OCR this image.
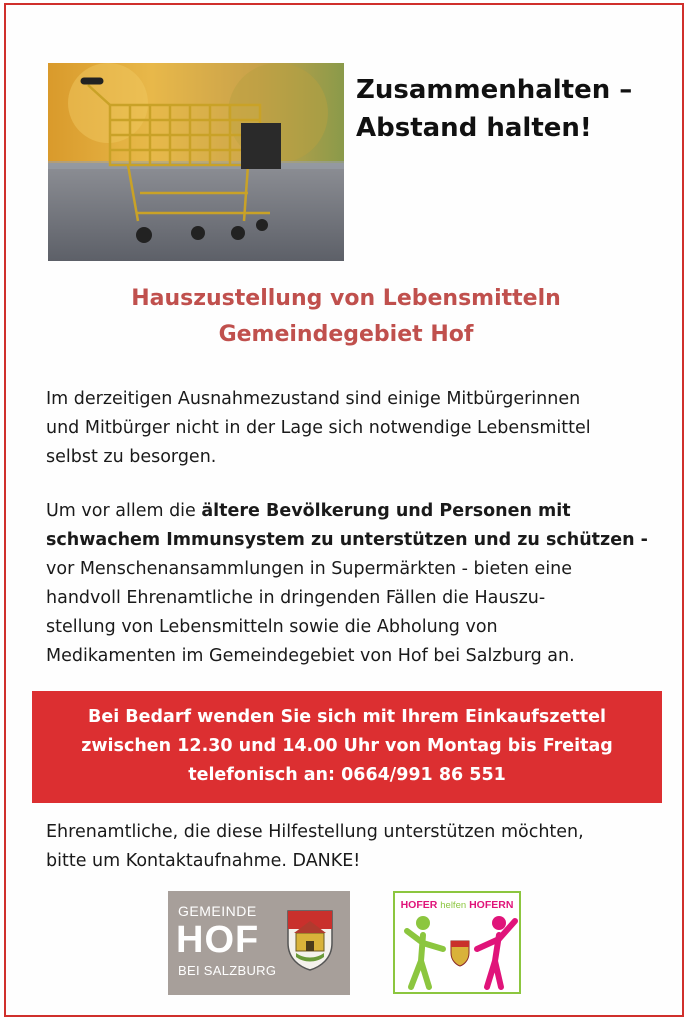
Zusammenhalten –
Abstand halten!
Hauszustellung von Lebensmitteln
Gemeindegebiet Hof
Im derzeitigen Ausnahmezustand sind einige Mitbürgerinnen
und Mitbürger nicht in der Lage sich notwendige Lebensmittel
selbst zu besorgen.
Um vor allem die ältere Bevölkerung und Personen mit
schwachem Immunsystem zu unterstützen und zu schützen -
vor Menschenansammlungen in Supermärkten - bieten eine
handvoll Ehrenamtliche in dringenden Fällen die Hauszu-
stellung von Lebensmitteln sowie die Abholung von
Medikamenten im Gemeindegebiet von Hof bei Salzburg an.
Bei Bedarf wenden Sie sich mit Ihrem Einkaufszettel
zwischen 12.30 und 14.00 Uhr von Montag bis Freitag
telefonisch an: 0664/991 86 551
Ehrenamtliche, die diese Hilfestellung unterstützen möchten,
bitte um Kontaktaufnahme. DANKE!
GEMEINDE
HOF
BEI SALZBURG
HOFER helfen HOFERN
